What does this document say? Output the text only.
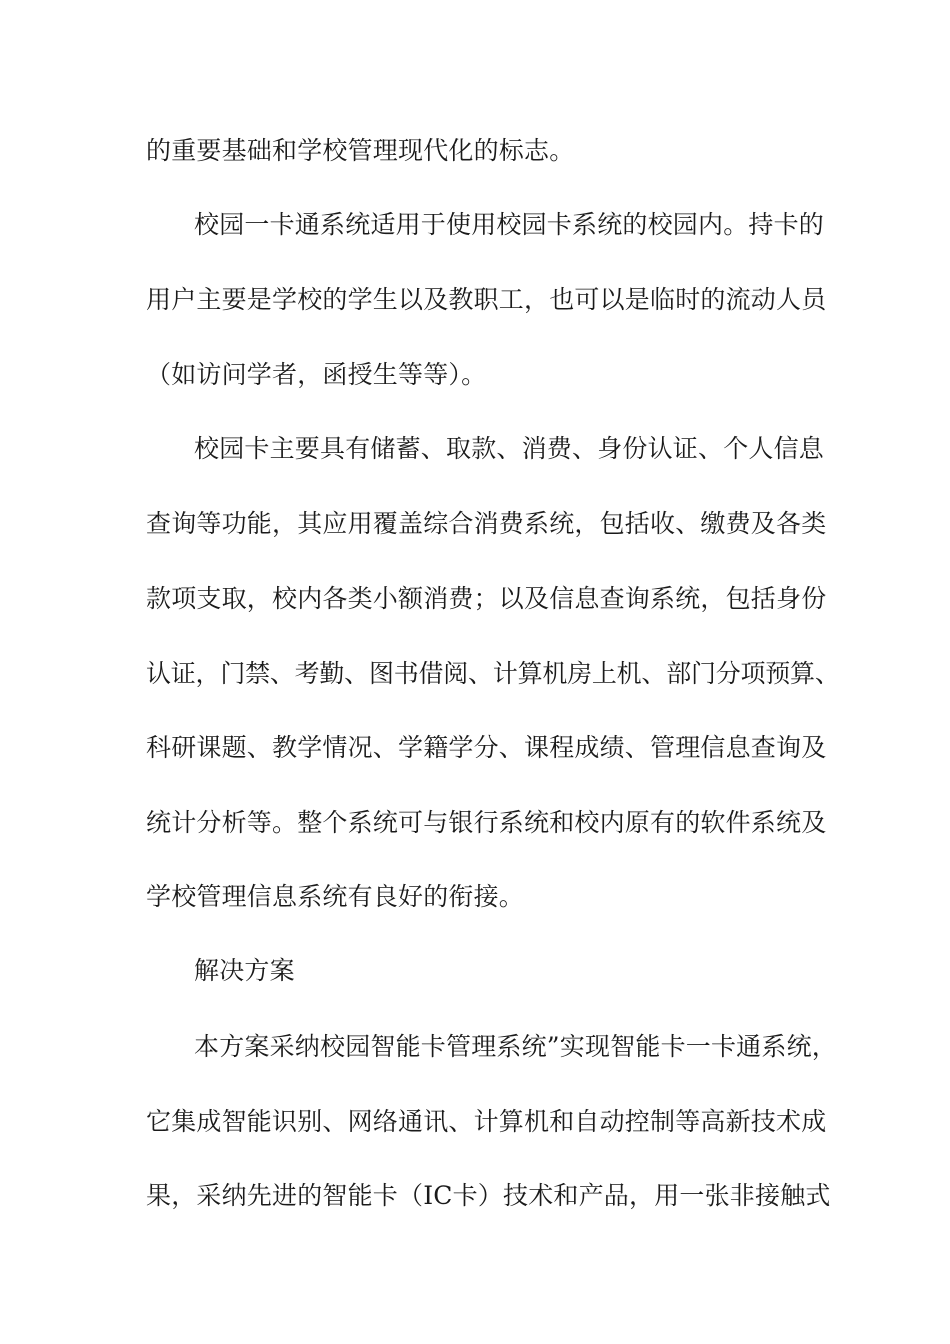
的重要基础和学校管理现代化的标志。
校园一卡通系统适用于使用校园卡系统的校园内。持卡的
用户主要是学校的学生以及教职工，也可以是临时的流动人员
（如访问学者，函授生等等）。
校园卡主要具有储蓄、取款、消费、身份认证、个人信息
查询等功能，其应用覆盖综合消费系统，包括收、缴费及各类
款项支取，校内各类小额消费；以及信息查询系统，包括身份
认证，门禁、考勤、图书借阅、计算机房上机、部门分项预算、
科研课题、教学情况、学籍学分、课程成绩、管理信息查询及
统计分析等。整个系统可与银行系统和校内原有的软件系统及
学校管理信息系统有良好的衔接。
解决方案
本方案采纳校园智能卡管理系统”实现智能卡一卡通系统，
它集成智能识别、网络通讯、计算机和自动控制等高新技术成
果，采纳先进的智能卡（IC卡）技术和产品，用一张非接触式
